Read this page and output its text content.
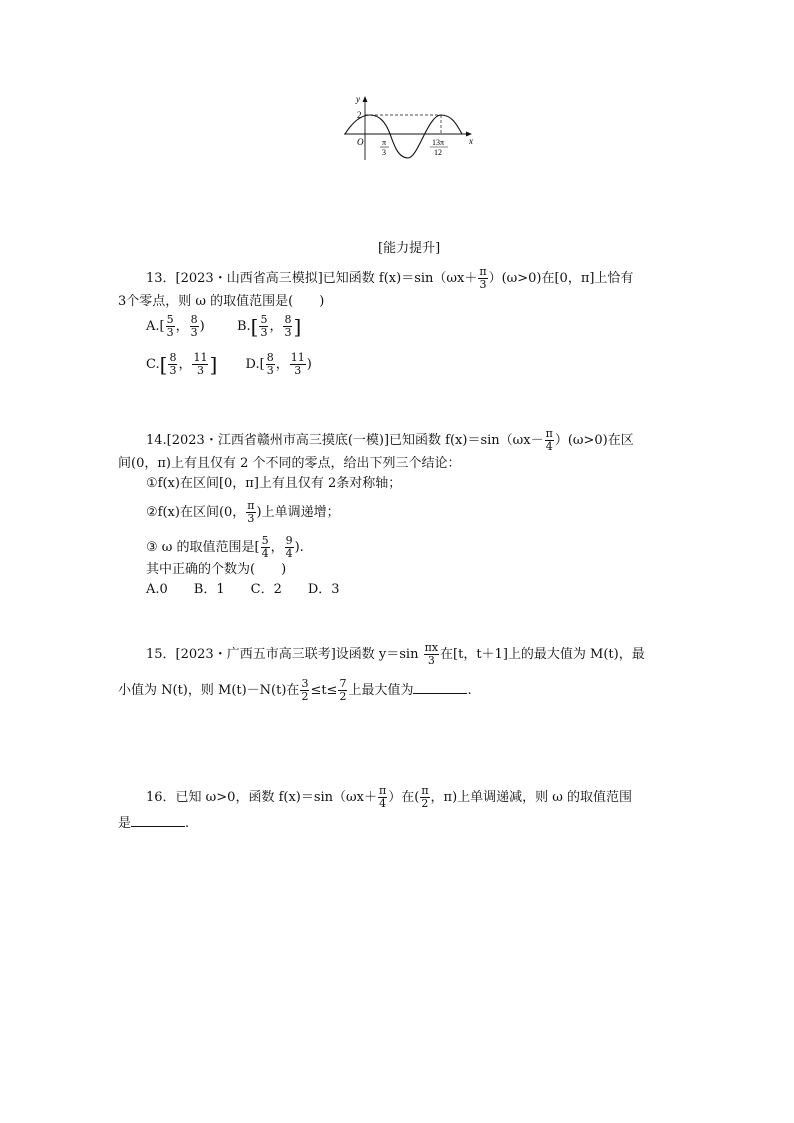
y
x
O
2
π
3
13π
12
[能力提升]
13．[2023・山西省高三模拟]已知函数 $f(x)=\sin(\omega x+ \frac{\pi}{3} )(\omega>0)$在[0，π]上恰有
3个零点，则 ω 的取值范围是(　　)
$A.[ \frac{5}{3}$ ， $\frac{8}{3}$ ) $B.[ \frac{5}{3}$ ， $\frac{8}{3}$ ]
$C.[ \frac{8}{3}$ ， $\frac{11}{3}$ ] $D.[ \frac{8}{3}$ ， $\frac{11}{3}$ )
14.[2023・江西省赣州市高三摸底(一模)]已知函数 $f(x)=\sin(\omega x- \frac{\pi}{4} )(\omega>0)$在区
间(0，π)上有且仅有 2 个不同的零点，给出下列三个结论：
①f(x)在区间[0，π]上有且仅有 2条对称轴；
②f(x)在区间(0， $\frac{\pi}{3}$ )上单调递增；
③ ω 的取值范围是[ $\frac{5}{4}$ ， $\frac{9}{4}$ ).
其中正确的个数为(　　)
A.0　　B．1　　C．2　　D．3
15．[2023・广西五市高三联考]设函数 $y=\sin \frac{\pi x}{3}$ 在[t，t＋1]上的最大值为 M(t)，最
小值为 N(t)，则 M(t)－N(t)在 $\frac{3}{2} \le t\le \frac{7}{2}$ 上最大值为	.
16．已知 ω>0，函数 $f(x)=\sin(\omega x+ \frac{\pi}{4}$ ）在( $\frac{\pi}{2}$ ，π)上单调递减，则 ω 的取值范围
是	.
